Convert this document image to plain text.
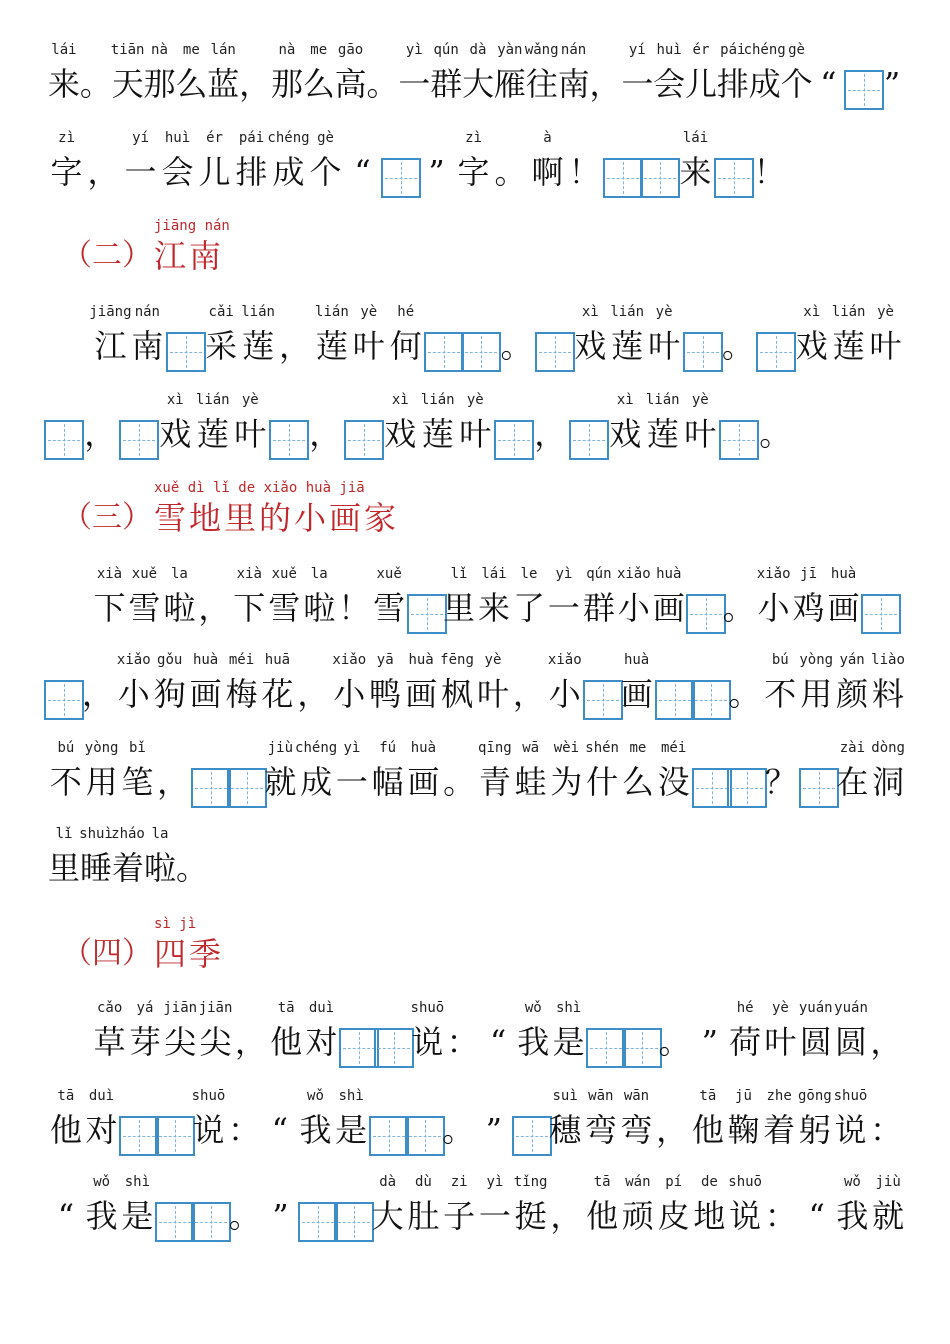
lái
来 。
tiān
天
nà
那
me
么
lán
蓝 ，
nà
那
me
么
gāo
高 。
yì
一
qún
群
dà
大
yàn
雁
wǎng
往
nán
南 ，
yí
一
huì
会
ér
儿
pái
排
chéng
成
gè
个 “ ”
zì
字 ，
yí
一
huì
会
ér
儿
pái
排
chéng
成
gè
个 “	”
zì
字 。
à
啊 ！
lái
来 ！
（二）
jiāng nán
江南
jiāng
江
nán
南
cǎi
采
lián
莲 ，
lián
莲
yè
叶
hé
何 。
xì
戏
lián
莲
yè
叶 。
xì
戏
lián
莲
yè
叶
，
xì
戏
lián
莲
yè
叶 ，
xì
戏
lián
莲
yè
叶 ，
xì
戏
lián
莲
yè
叶 。
（三）
xuě dì lǐ de xiǎo huà jiā
雪地里的小画家
xià
下
xuě
雪
la
啦 ，
xià
下
xuě
雪
la
啦 ！
xuě
雪
lǐ
里
lái
来
le
了
yì
一
qún
群
xiǎo
小
huà
画 。
xiǎo
小
jī
鸡
huà
画
，
xiǎo
小
gǒu
狗
huà
画
méi
梅
huā
花 ，
xiǎo
小
yā
鸭
huà
画
fēng
枫
yè
叶 ，
xiǎo
小
huà
画 。
bú
不
yòng
用
yán
颜
liào
料
bú
不
yòng
用
bǐ
笔 ，
jiù
就
chéng
成
yì
一
fú
幅
huà
画 。
qīng
青
wā
蛙
wèi
为
shén
什
me
么
méi
没 ？
zài
在
dòng
洞
lǐ
里
shuì
睡
zháo
着
la
啦 。
（四）
sì jì
四季
cǎo
草
yá
芽
jiān
尖
jiān
尖 ，
tā
他
duì
对
shuō
说 ： “
wǒ
我
shì
是 。 ”
hé
荷
yè
叶
yuán
圆
yuán
圆 ，
tā
他
duì
对
shuō
说 ： “
wǒ
我
shì
是 。 ”
suì
穗
wān
弯
wān
弯 ，
tā
他
jū
鞠
zhe
着
gōng
躬
shuō
说 ：
“
wǒ
我
shì
是 。 ”
dà
大
dù
肚
zi
子
yì
一
tǐng
挺 ，
tā
他
wán
顽
pí
皮
de
地
shuō
说 ： “
wǒ
我
jiù
就
